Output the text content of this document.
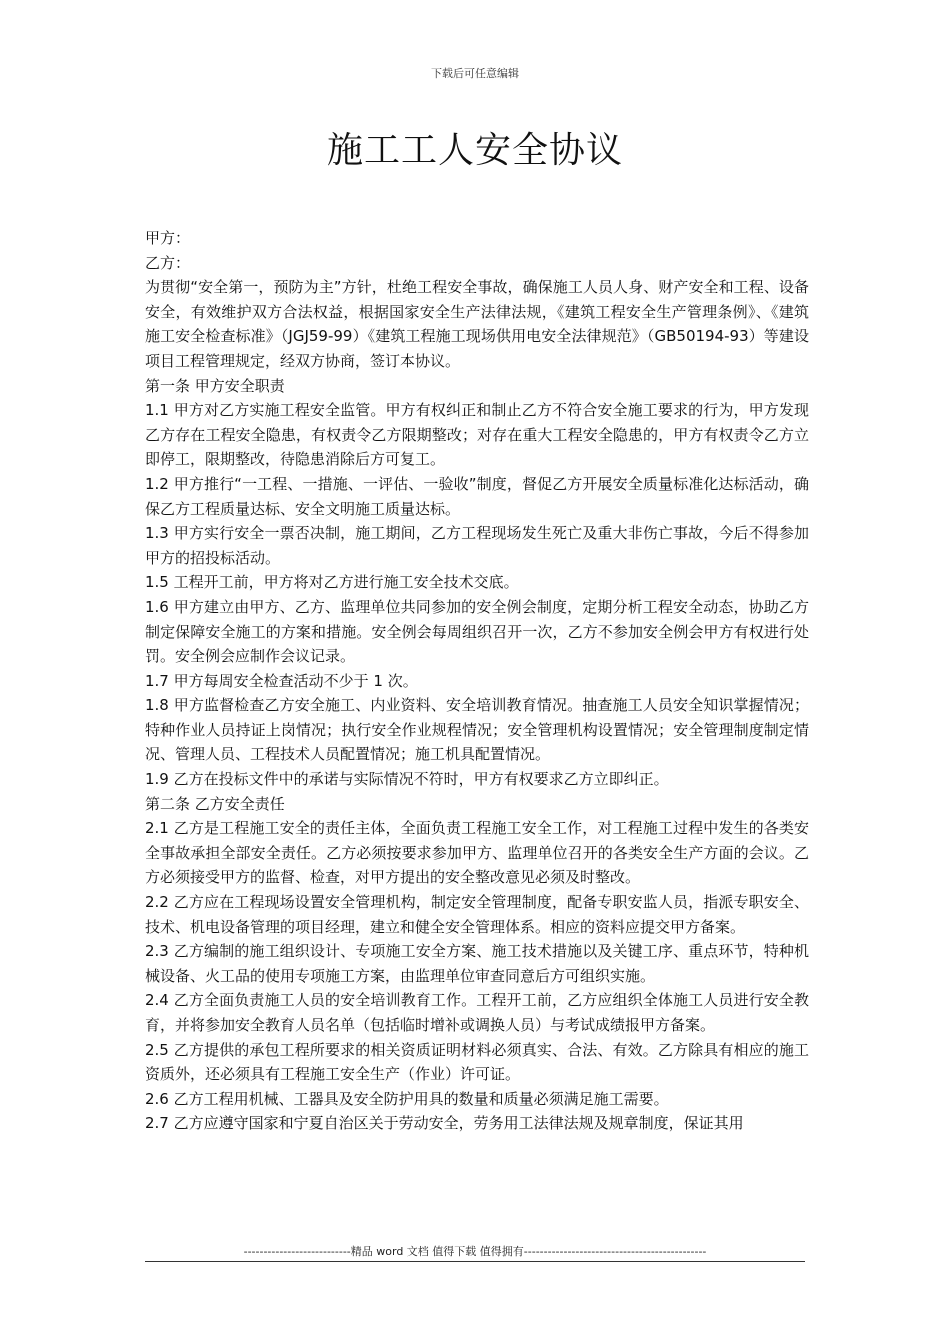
下载后可任意编辑
施工工人安全协议

甲方：

乙方：

为贯彻“安全第一，预防为主”方针，杜绝工程安全事故，确保施工人员人身、财产安全和工程、设备安全，有效维护双方合法权益，根据国家安全生产法律法规，《建筑工程安全生产管理条例》、《建筑施工安全检查标准》（JGJ59-99）《建筑工程施工现场供用电安全法律规范》（GB50194-93）等建设项目工程管理规定，经双方协商，签订本协议。

第一条 甲方安全职责

1.1 甲方对乙方实施工程安全监管。甲方有权纠正和制止乙方不符合安全施工要求的行为，甲方发现乙方存在工程安全隐患，有权责令乙方限期整改；对存在重大工程安全隐患的，甲方有权责令乙方立即停工，限期整改，待隐患消除后方可复工。

1.2 甲方推行“一工程、一措施、一评估、一验收”制度，督促乙方开展安全质量标准化达标活动，确保乙方工程质量达标、安全文明施工质量达标。

1.3 甲方实行安全一票否决制，施工期间，乙方工程现场发生死亡及重大非伤亡事故，今后不得参加甲方的招投标活动。

1.5 工程开工前，甲方将对乙方进行施工安全技术交底。

1.6 甲方建立由甲方、乙方、监理单位共同参加的安全例会制度，定期分析工程安全动态，协助乙方制定保障安全施工的方案和措施。安全例会每周组织召开一次，乙方不参加安全例会甲方有权进行处罚。安全例会应制作会议记录。

1.7 甲方每周安全检查活动不少于 1 次。

1.8 甲方监督检查乙方安全施工、内业资料、安全培训教育情况。抽查施工人员安全知识掌握情况；特种作业人员持证上岗情况；执行安全作业规程情况；安全管理机构设置情况；安全管理制度制定情况、管理人员、工程技术人员配置情况；施工机具配置情况。

1.9 乙方在投标文件中的承诺与实际情况不符时，甲方有权要求乙方立即纠正。

第二条 乙方安全责任

2.1 乙方是工程施工安全的责任主体，全面负责工程施工安全工作，对工程施工过程中发生的各类安全事故承担全部安全责任。乙方必须按要求参加甲方、监理单位召开的各类安全生产方面的会议。乙方必须接受甲方的监督、检查，对甲方提出的安全整改意见必须及时整改。

2.2 乙方应在工程现场设置安全管理机构，制定安全管理制度，配备专职安监人员，指派专职安全、技术、机电设备管理的项目经理，建立和健全安全管理体系。相应的资料应提交甲方备案。

2.3 乙方编制的施工组织设计、专项施工安全方案、施工技术措施以及关键工序、重点环节，特种机械设备、火工品的使用专项施工方案，由监理单位审查同意后方可组织实施。

2.4 乙方全面负责施工人员的安全培训教育工作。工程开工前，乙方应组织全体施工人员进行安全教育，并将参加安全教育人员名单（包括临时增补或调换人员）与考试成绩报甲方备案。

2.5 乙方提供的承包工程所要求的相关资质证明材料必须真实、合法、有效。乙方除具有相应的施工资质外，还必须具有工程施工安全生产（作业）许可证。

2.6 乙方工程用机械、工器具及安全防护用具的数量和质量必须满足施工需要。

2.7 乙方应遵守国家和宁夏自治区关于劳动安全，劳务用工法律法规及规章制度，保证其用

---------------------------精品 word 文档 值得下载 值得拥有----------------------------------------------
